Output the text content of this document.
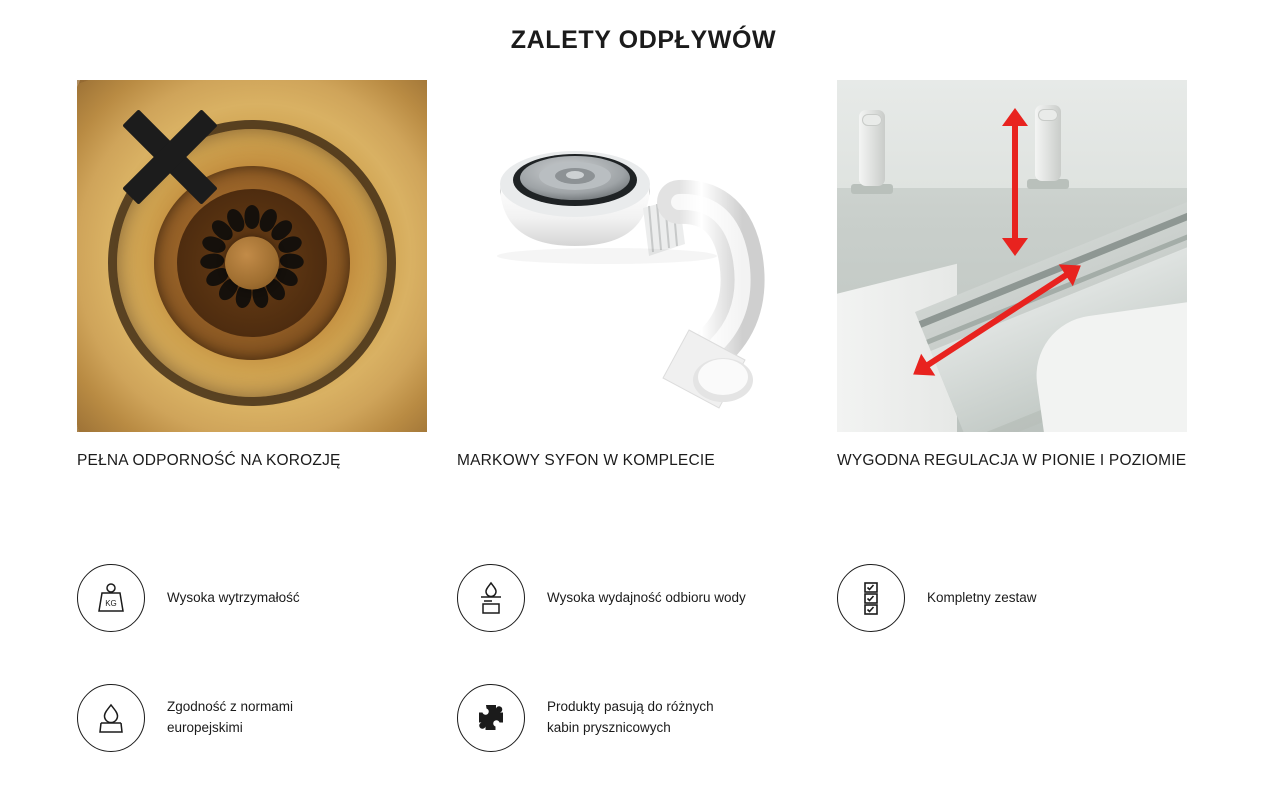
ZALETY ODPŁYWÓW
PEŁNA ODPORNOŚĆ NA KOROZJĘ	MARKOWY SYFON W KOMPLECIE	WYGODNA REGULACJA W PIONIE I POZIOMIE
KG	Wysoka wytrzymałość	Wysoka wydajność odbioru wody	Kompletny zestaw
Zgodność z normami europejskimi
Produkty pasują do różnych kabin prysznicowych
